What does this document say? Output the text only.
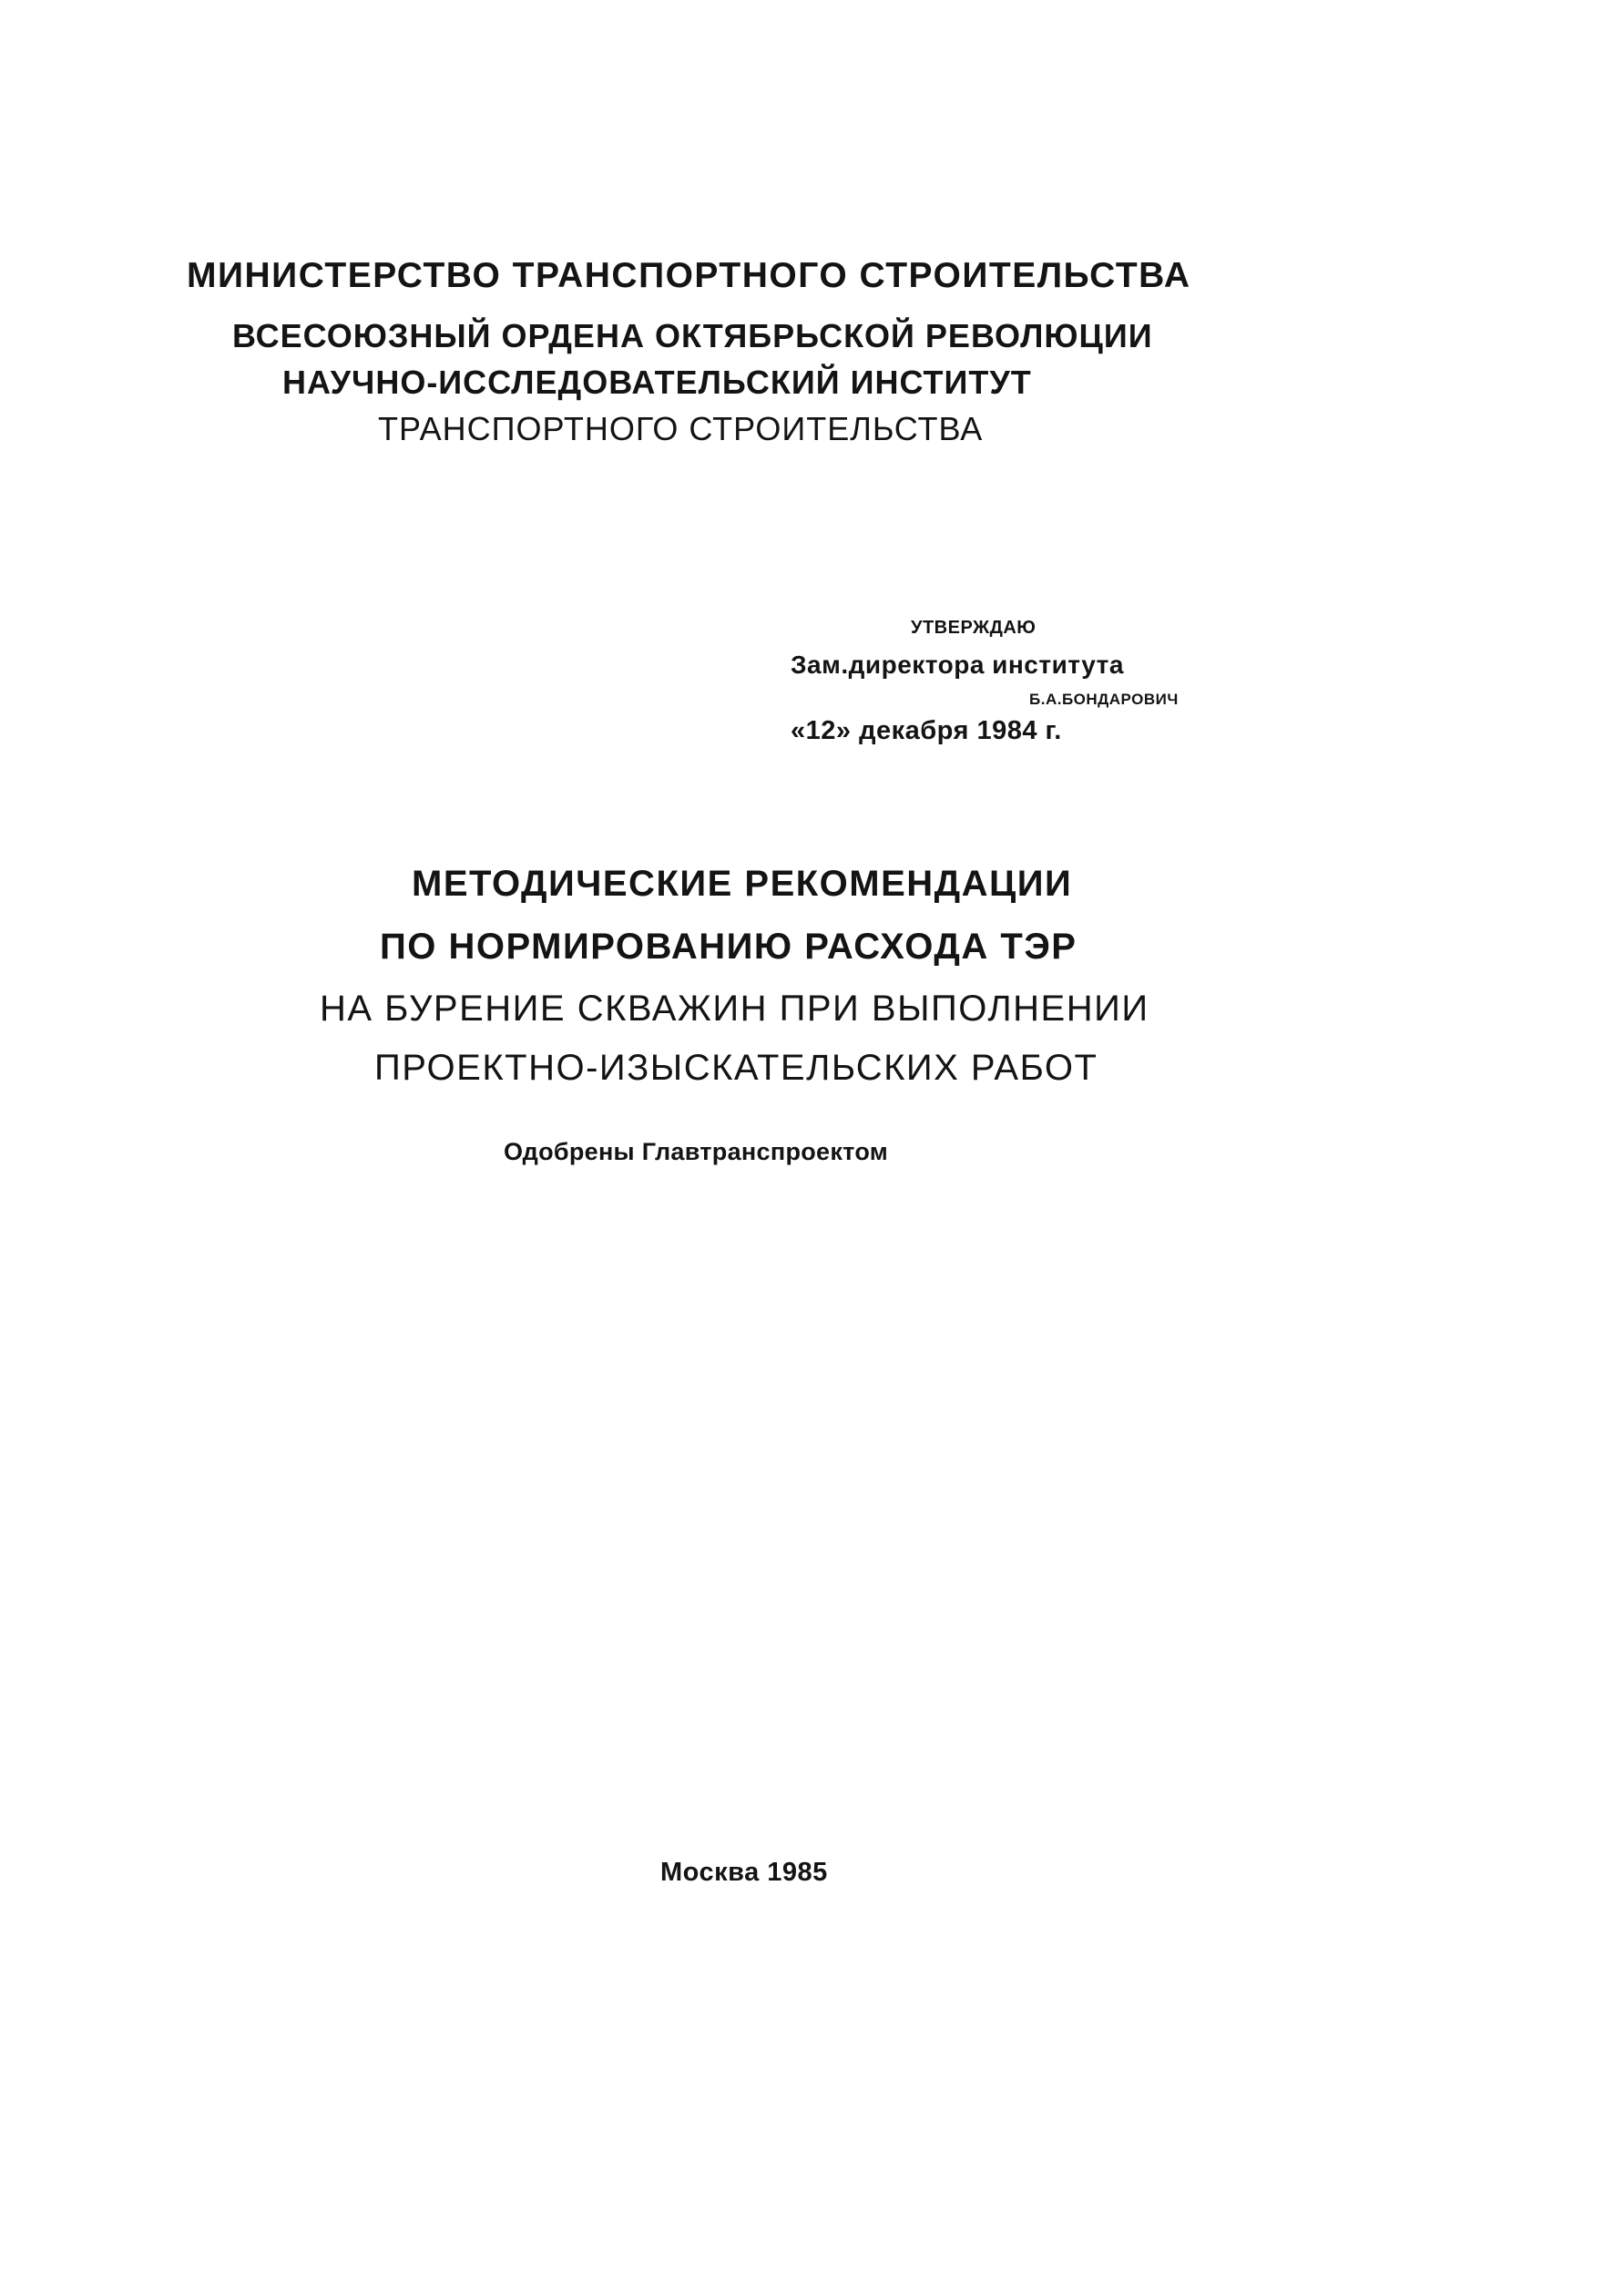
МИНИСТЕРСТВО ТРАНСПОРТНОГО СТРОИТЕЛЬСТВА
ВСЕСОЮЗНЫЙ ОРДЕНА ОКТЯБРЬСКОЙ РЕВОЛЮЦИИ
НАУЧНО-ИССЛЕДОВАТЕЛЬСКИЙ ИНСТИТУТ
ТРАНСПОРТНОГО СТРОИТЕЛЬСТВА
УТВЕРЖДАЮ
Зам.директора института
Б.А.БОНДАРОВИЧ
«12» декабря 1984 г.
МЕТОДИЧЕСКИЕ РЕКОМЕНДАЦИИ
ПО НОРМИРОВАНИЮ РАСХОДА ТЭР
НА БУРЕНИЕ СКВАЖИН ПРИ ВЫПОЛНЕНИИ
ПРОЕКТНО-ИЗЫСКАТЕЛЬСКИХ РАБОТ
Одобрены Главтранспроектом
Москва 1985
